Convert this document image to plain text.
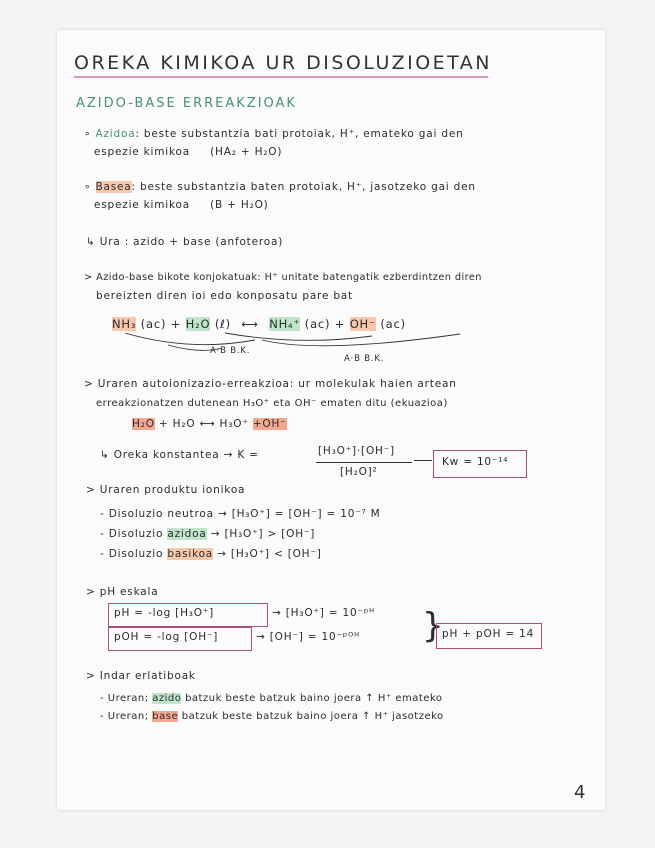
OREKA KIMIKOA UR DISOLUZIOETAN
AZIDO-BASE ERREAKZIOAK
∘ Azidoa: beste substantzia bati protoiak, H⁺, emateko gai den
espezie kimikoa (HA₂ + H₂O)
∘ Basea: beste substantzia baten protoiak, H⁺, jasotzeko gai den
espezie kimikoa (B + H₂O)
↳ Ura : azido + base (anfoteroa)
> Azido-base bikote konjokatuak: H⁺ unitate batengatik ezberdintzen diren
bereizten diren ioi edo konposatu pare bat
NH₃ (ac) + H₂O (ℓ) ⟷ NH₄⁺ (ac) + OH⁻ (ac)
A·B B.K.
A·B B.K.
> Uraren autoionizazio-erreakzioa: ur molekulak haien artean
erreakzionatzen dutenean H₃O⁺ eta OH⁻ ematen ditu (ekuazioa)
H₂O + H₂O ⟷ H₃O⁺ +OH⁻
↳ Oreka konstantea → K =	[H₃O⁺]·[OH⁻]
[H₂O]²
Kw = 10⁻¹⁴
> Uraren produktu ionikoa
- Disoluzio neutroa → [H₃O⁺] = [OH⁻] = 10⁻⁷ M
- Disoluzio azidoa → [H₃O⁺] > [OH⁻]
- Disoluzio basikoa → [H₃O⁺] < [OH⁻]
> pH eskala
pH = -log [H₃O⁺]	→ [H₃O⁺] = 10⁻ᵖᴴ
pOH = -log [OH⁻]	→ [OH⁻] = 10⁻ᵖᴼᴴ }
pH + pOH = 14
> Indar erlatiboak
- Ureran; azido batzuk beste batzuk baino joera ↑ H⁺ emateko
- Ureran; base batzuk beste batzuk baino joera ↑ H⁺ jasotzeko
4
